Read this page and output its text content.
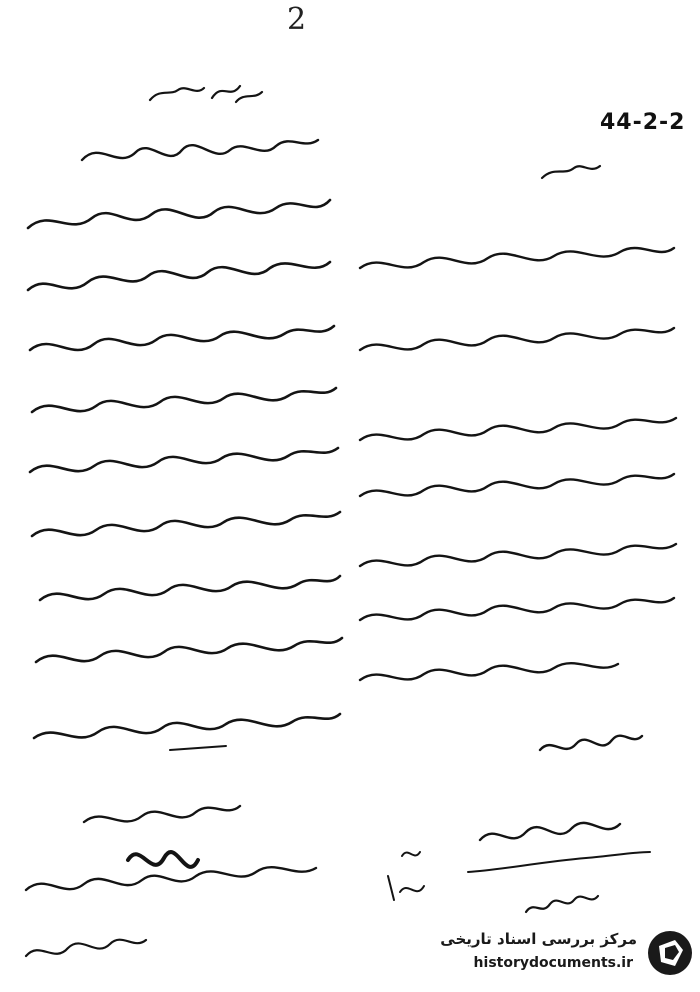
2
44-2-2
مرکز بررسی اسناد تاریخی
historydocuments.ir
